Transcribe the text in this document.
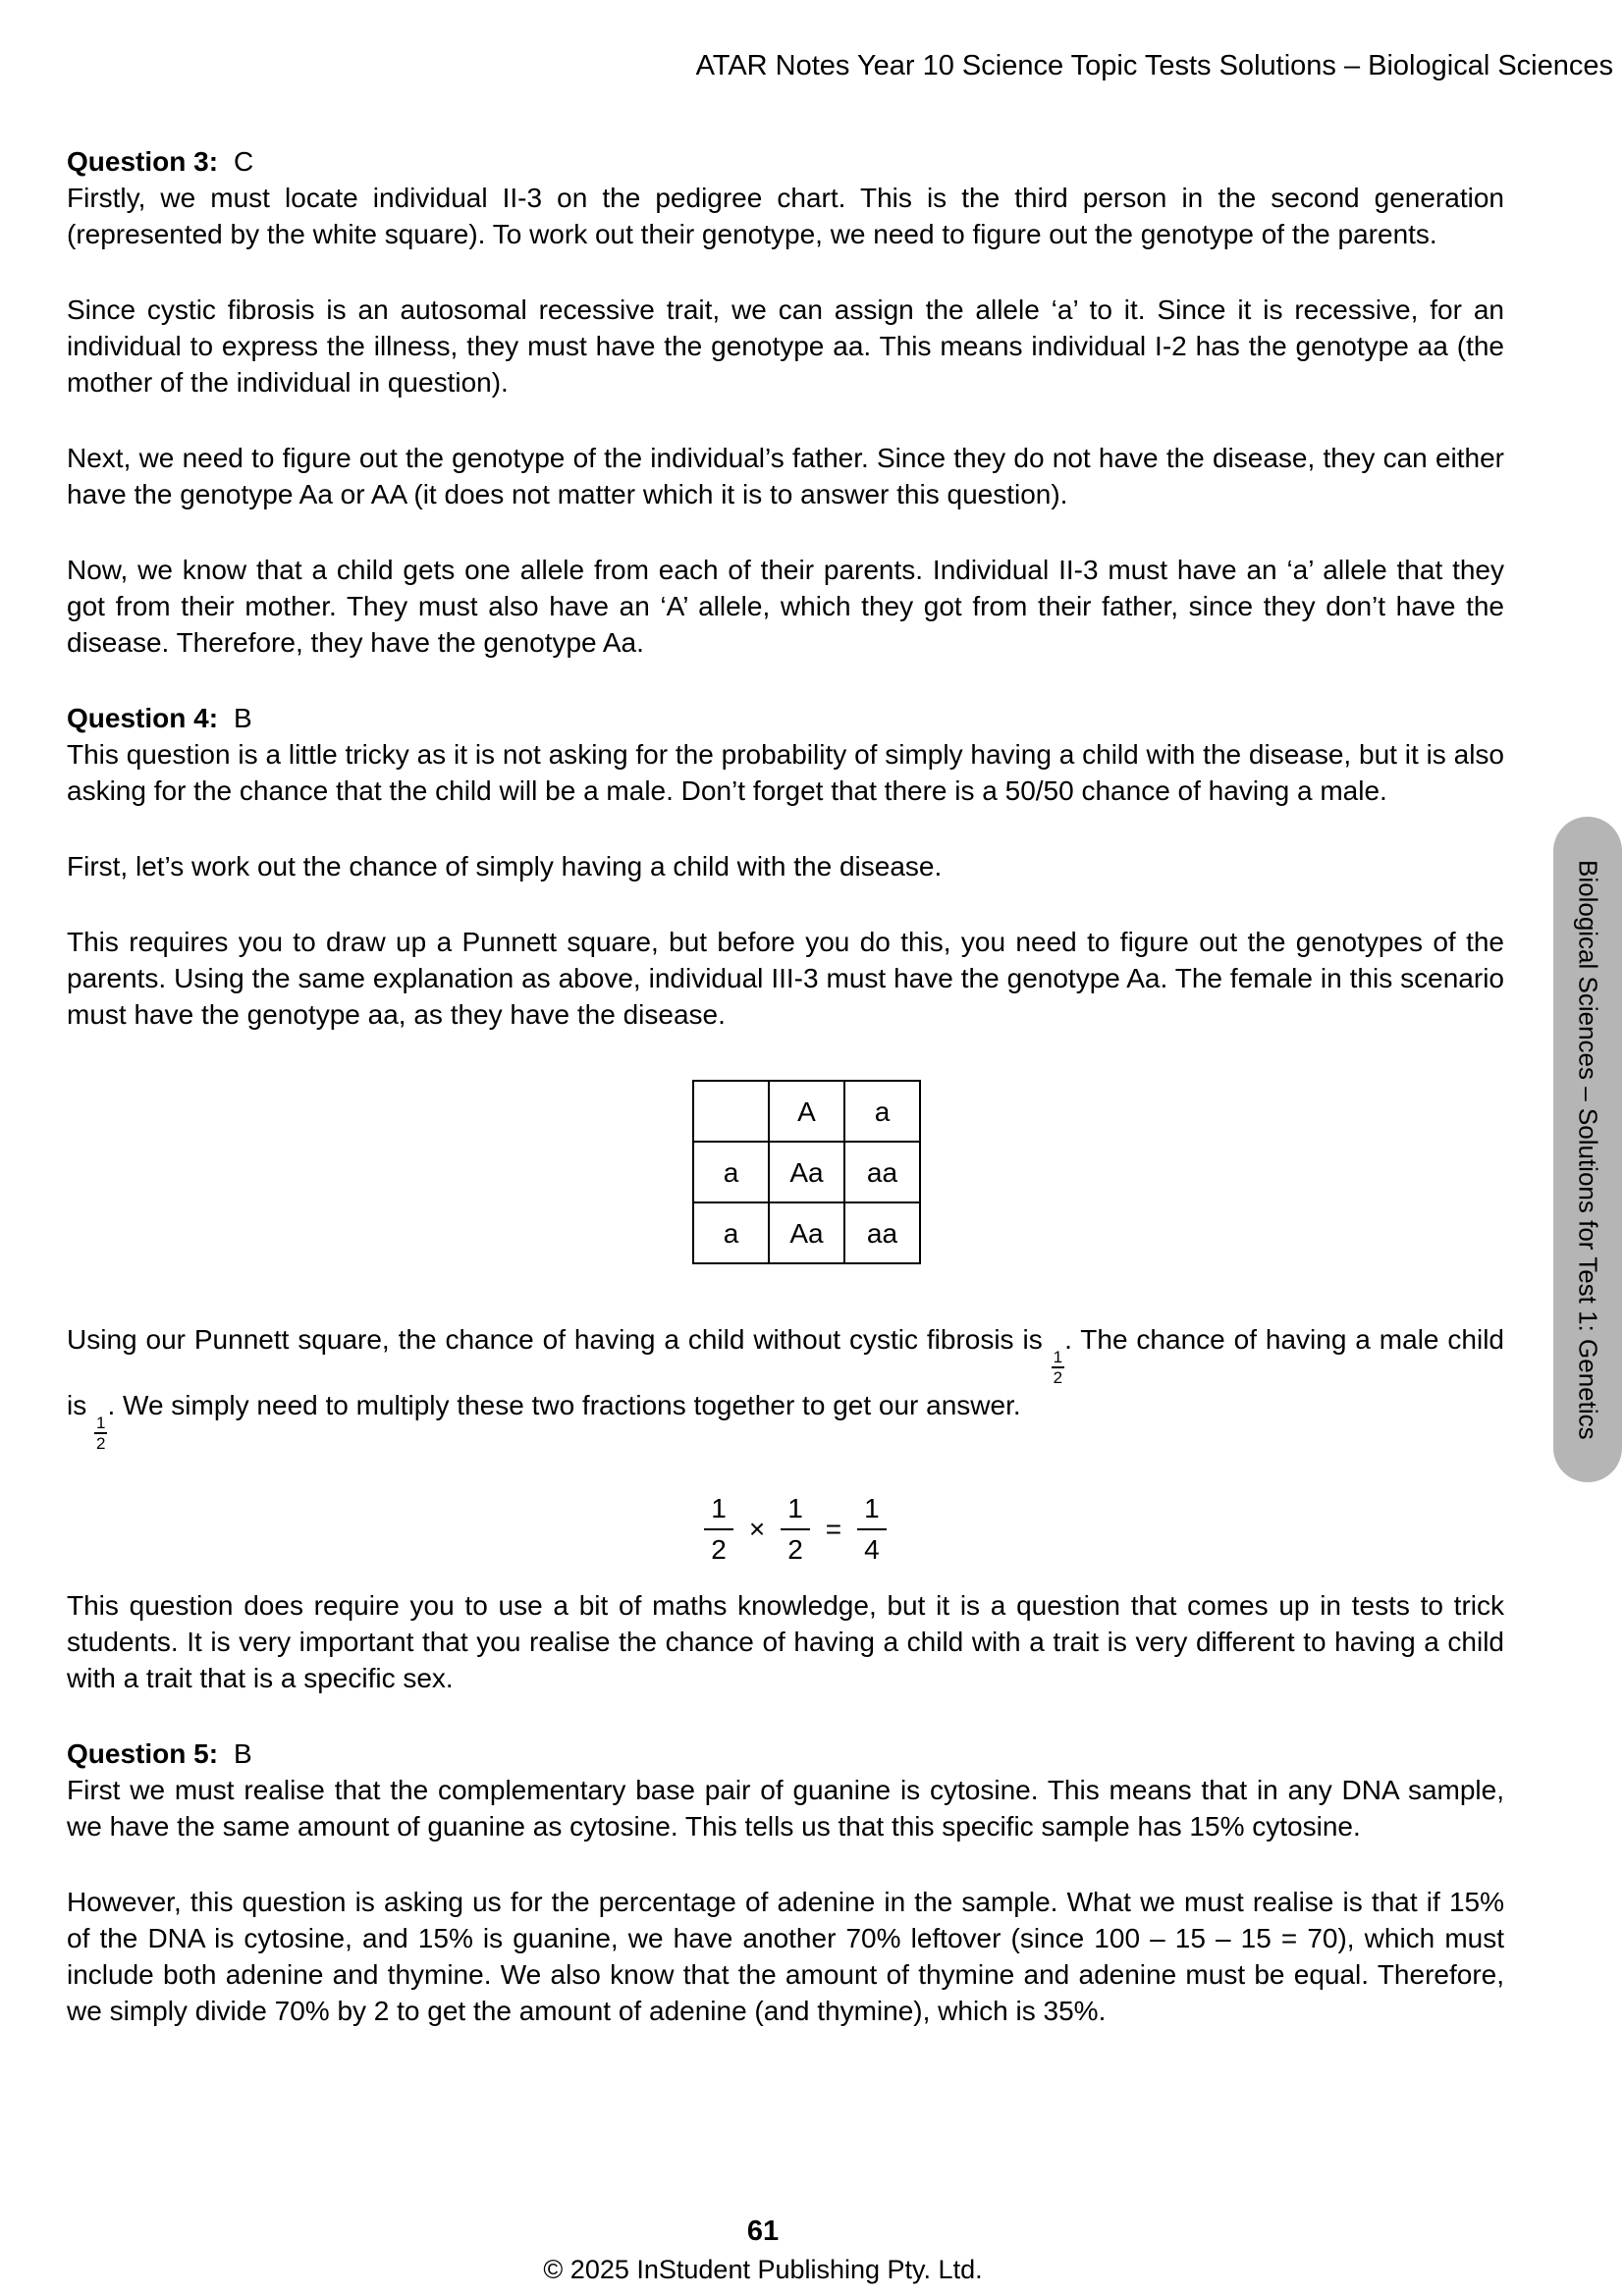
ATAR Notes Year 10 Science Topic Tests Solutions – Biological Sciences
Question 3: C

Firstly, we must locate individual II-3 on the pedigree chart. This is the third person in the second generation (represented by the white square). To work out their genotype, we need to figure out the genotype of the parents.

Since cystic fibrosis is an autosomal recessive trait, we can assign the allele ‘a’ to it. Since it is recessive, for an individual to express the illness, they must have the genotype aa. This means individual I-2 has the genotype aa (the mother of the individual in question).

Next, we need to figure out the genotype of the individual’s father. Since they do not have the disease, they can either have the genotype Aa or AA (it does not matter which it is to answer this question).

Now, we know that a child gets one allele from each of their parents. Individual II-3 must have an ‘a’ allele that they got from their mother. They must also have an ‘A’ allele, which they got from their father, since they don’t have the disease. Therefore, they have the genotype Aa.

Question 4: B

This question is a little tricky as it is not asking for the probability of simply having a child with the disease, but it is also asking for the chance that the child will be a male. Don’t forget that there is a 50/50 chance of having a male.

First, let’s work out the chance of simply having a child with the disease.

This requires you to draw up a Punnett square, but before you do this, you need to figure out the genotypes of the parents. Using the same explanation as above, individual III-3 must have the genotype Aa. The female in this scenario must have the genotype aa, as they have the disease.

	A	a
a	Aa	aa
a	Aa	aa

Using our Punnett square, the chance of having a child without cystic fibrosis is
$\frac{1}{2}$
. The chance of having a male child is
$\frac{1}{2}$
. We simply need to multiply these two fractions together to get our answer.

$\frac{1}{2} \times \frac{1}{2} = \frac{1}{4}$

This question does require you to use a bit of maths knowledge, but it is a question that comes up in tests to trick students. It is very important that you realise the chance of having a child with a trait is very different to having a child with a trait that is a specific sex.

Question 5: B

First we must realise that the complementary base pair of guanine is cytosine. This means that in any DNA sample, we have the same amount of guanine as cytosine. This tells us that this specific sample has 15% cytosine.

However, this question is asking us for the percentage of adenine in the sample. What we must realise is that if 15% of the DNA is cytosine, and 15% is guanine, we have another 70% leftover (since 100 – 15 – 15 = 70), which must include both adenine and thymine. We also know that the amount of thymine and adenine must be equal. Therefore, we simply divide 70% by 2 to get the amount of adenine (and thymine), which is 35%.

Biological Sciences – Solutions for Test 1: Genetics
61
© 2025 InStudent Publishing Pty. Ltd.
